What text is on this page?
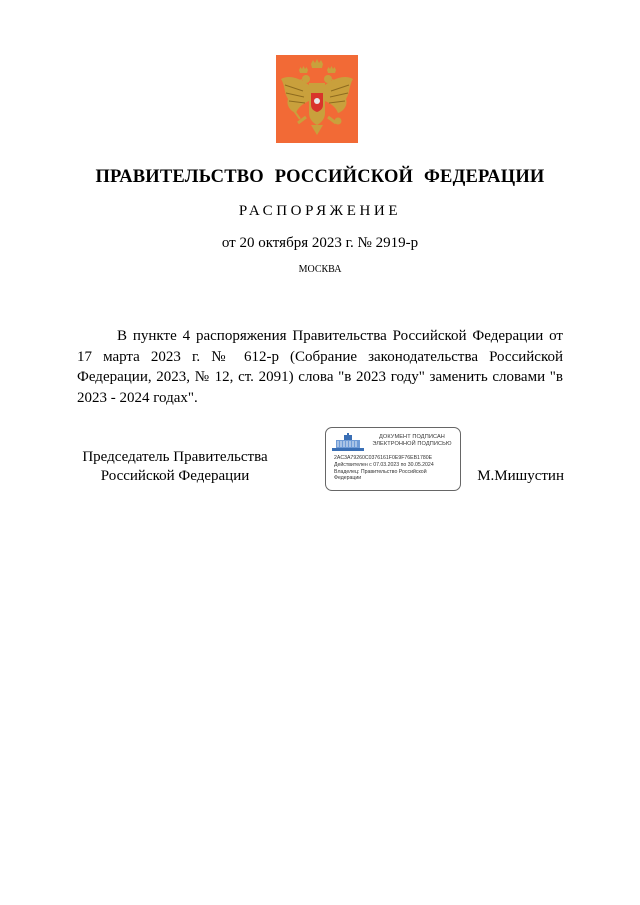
ПРАВИТЕЛЬСТВО РОССИЙСКОЙ ФЕДЕРАЦИИ
РАСПОРЯЖЕНИЕ
от 20 октября 2023 г. № 2919-р
МОСКВА

В пункте 4 распоряжения Правительства Российской Федерации от 17 марта 2023 г. № 612-р (Собрание законодательства Российской Федерации, 2023, № 12, ст. 2091) слова "в 2023 году" заменить словами "в 2023 - 2024 годах".

Председатель Правительства
Российской Федерации
ДОКУМЕНТ ПОДПИСАН
ЭЛЕКТРОННОЙ ПОДПИСЬЮ
2AC3A79260C0376161F0E9F76EB1780E
Действителен с 07.03.2023 по 30.05.2024
Владелец: Правительство Российской
Федерации	М.Мишустин
